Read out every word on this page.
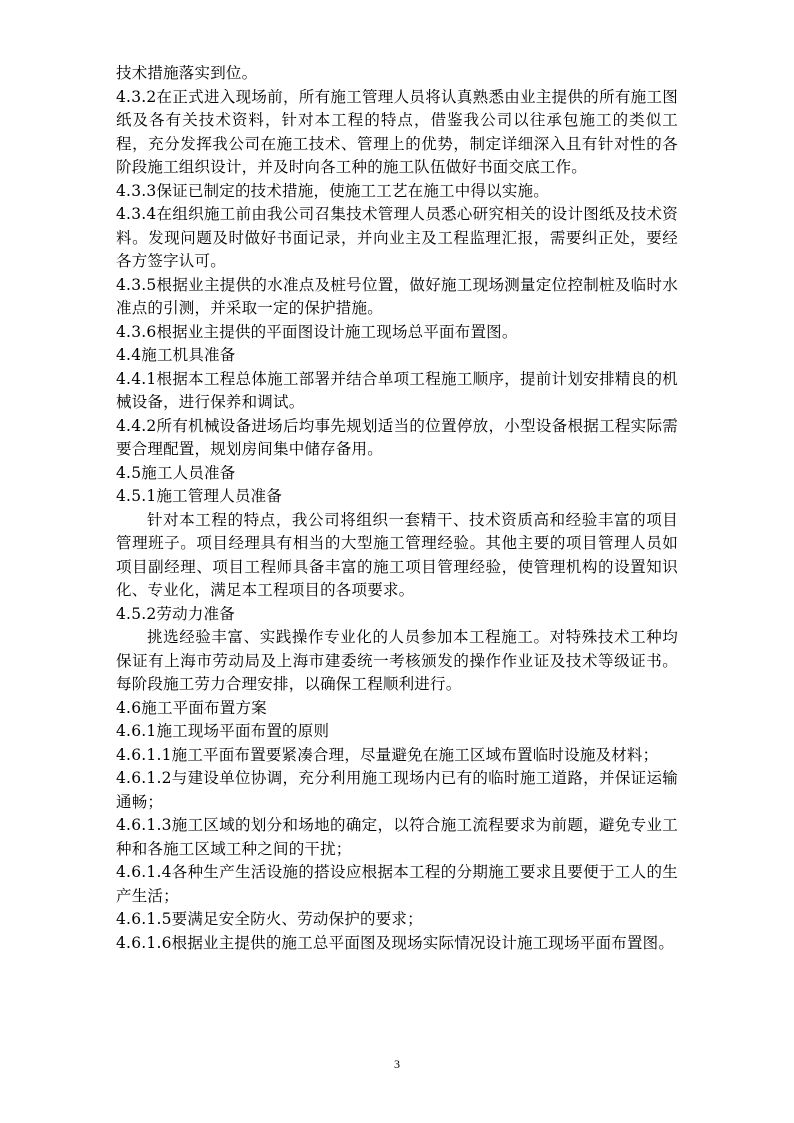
技术措施落实到位。

4.3.2在正式进入现场前，所有施工管理人员将认真熟悉由业主提供的所有施工图纸及各有关技术资料，针对本工程的特点，借鉴我公司以往承包施工的类似工程，充分发挥我公司在施工技术、管理上的优势，制定详细深入且有针对性的各阶段施工组织设计，并及时向各工种的施工队伍做好书面交底工作。

4.3.3保证已制定的技术措施，使施工工艺在施工中得以实施。

4.3.4在组织施工前由我公司召集技术管理人员悉心研究相关的设计图纸及技术资料。发现问题及时做好书面记录，并向业主及工程监理汇报，需要纠正处，要经各方签字认可。

4.3.5根据业主提供的水准点及桩号位置，做好施工现场测量定位控制桩及临时水准点的引测，并采取一定的保护措施。

4.3.6根据业主提供的平面图设计施工现场总平面布置图。

4.4施工机具准备

4.4.1根据本工程总体施工部署并结合单项工程施工顺序，提前计划安排精良的机械设备，进行保养和调试。

4.4.2所有机械设备进场后均事先规划适当的位置停放，小型设备根据工程实际需要合理配置，规划房间集中储存备用。

4.5施工人员准备

4.5.1施工管理人员准备

针对本工程的特点，我公司将组织一套精干、技术资质高和经验丰富的项目管理班子。项目经理具有相当的大型施工管理经验。其他主要的项目管理人员如项目副经理、项目工程师具备丰富的施工项目管理经验，使管理机构的设置知识化、专业化，满足本工程项目的各项要求。

4.5.2劳动力准备

挑选经验丰富、实践操作专业化的人员参加本工程施工。对特殊技术工种均保证有上海市劳动局及上海市建委统一考核颁发的操作作业证及技术等级证书。每阶段施工劳力合理安排，以确保工程顺利进行。

4.6施工平面布置方案

4.6.1施工现场平面布置的原则

4.6.1.1施工平面布置要紧凑合理，尽量避免在施工区域布置临时设施及材料；

4.6.1.2与建设单位协调，充分利用施工现场内已有的临时施工道路，并保证运输通畅；

4.6.1.3施工区域的划分和场地的确定，以符合施工流程要求为前题，避免专业工种和各施工区域工种之间的干扰；

4.6.1.4各种生产生活设施的搭设应根据本工程的分期施工要求且要便于工人的生产生活；

4.6.1.5要满足安全防火、劳动保护的要求；

4.6.1.6根据业主提供的施工总平面图及现场实际情况设计施工现场平面布置图。

3
